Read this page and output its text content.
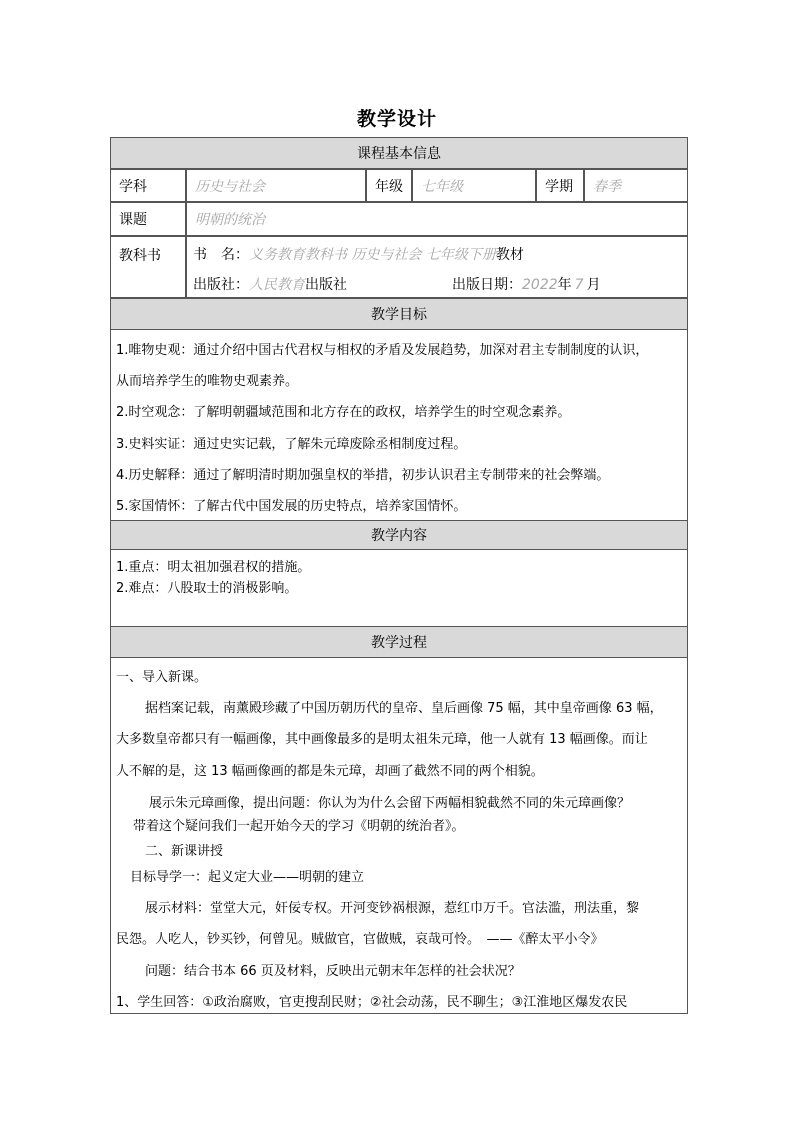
教学设计
课程基本信息
学科	历史与社会	年级	七年级	学期	春季
课题	明朝的统治
教科书	书　名：义务教育教科书 历史与社会 七年级下册教材
出版社：人民教育出版社	出版日期：2022年 7 月
教学目标
1.唯物史观：通过介绍中国古代君权与相权的矛盾及发展趋势，加深对君主专制制度的认识，
从而培养学生的唯物史观素养。
2.时空观念：了解明朝疆域范围和北方存在的政权，培养学生的时空观念素养。
3.史料实证：通过史实记载，了解朱元璋废除丞相制度过程。
4.历史解释：通过了解明清时期加强皇权的举措，初步认识君主专制带来的社会弊端。
5.家国情怀：了解古代中国发展的历史特点，培养家国情怀。
教学内容
1.重点：明太祖加强君权的措施。
2.难点：八股取士的消极影响。
教学过程
一、导入新课。
据档案记载，南薰殿珍藏了中国历朝历代的皇帝、皇后画像 75 幅，其中皇帝画像 63 幅，
大多数皇帝都只有一幅画像，其中画像最多的是明太祖朱元璋，他一人就有 13 幅画像。而让
人不解的是，这 13 幅画像画的都是朱元璋，却画了截然不同的两个相貌。
展示朱元璋画像，提出问题：你认为为什么会留下两幅相貌截然不同的朱元璋画像？
带着这个疑问我们一起开始今天的学习《明朝的统治者》。
二、新课讲授
目标导学一：起义定大业——明朝的建立
展示材料：堂堂大元，奸佞专权。开河变钞祸根源，惹红巾万千。官法滥，刑法重，黎
民怨。人吃人，钞买钞，何曾见。贼做官，官做贼，哀哉可怜。　——《醉太平小令》
问题：结合书本 66 页及材料，反映出元朝末年怎样的社会状况？
1、学生回答：①政治腐败，官吏搜刮民财；②社会动荡，民不聊生；③江淮地区爆发农民
